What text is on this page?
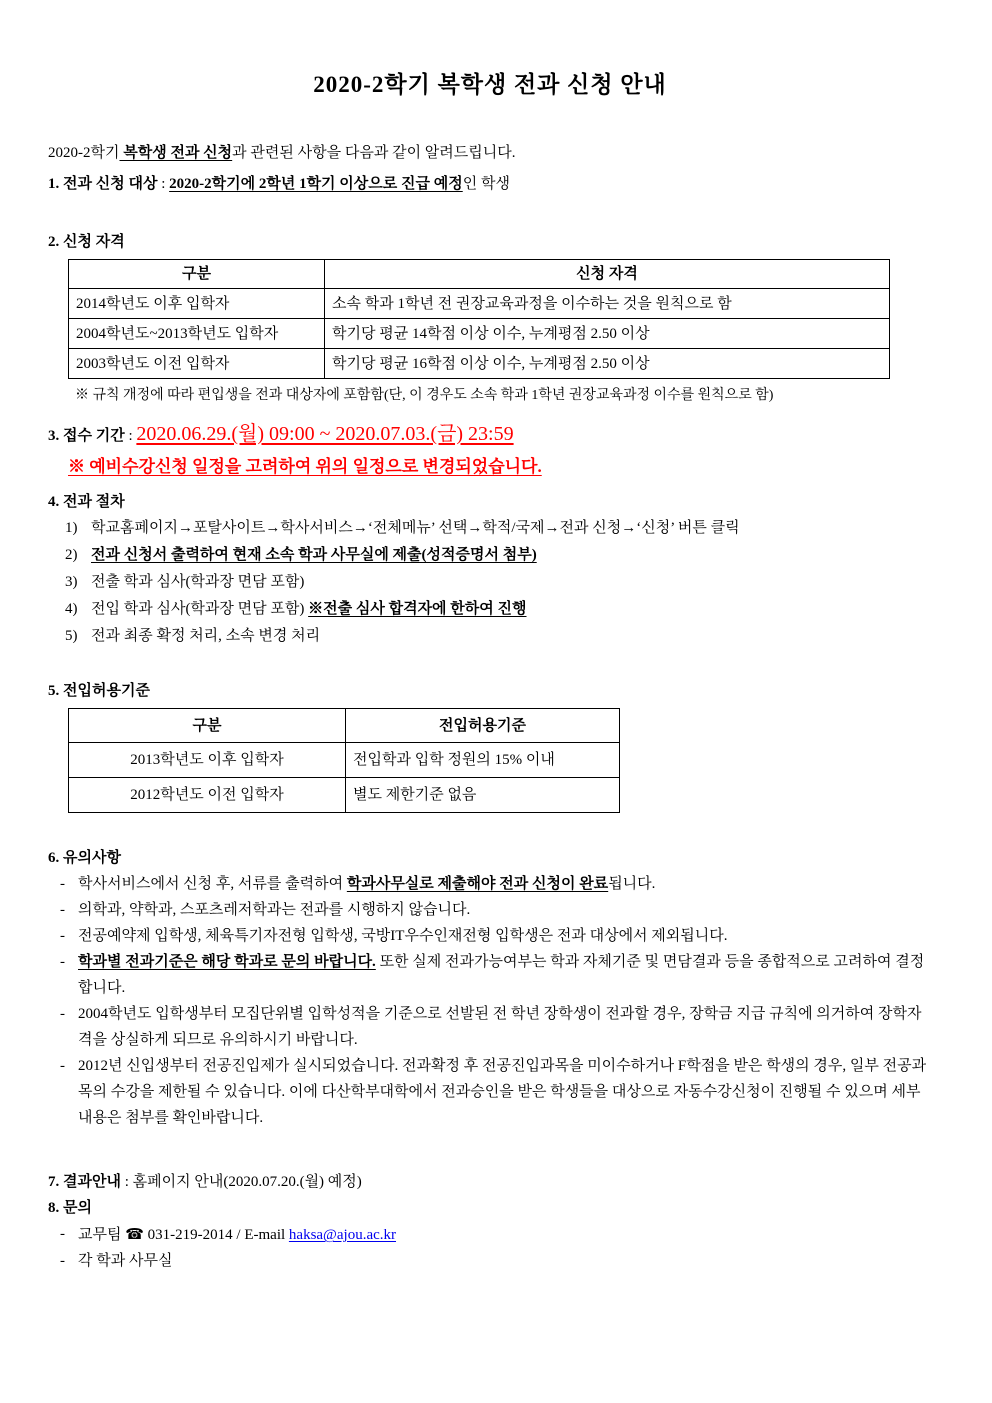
2020-2학기 복학생 전과 신청 안내
2020-2학기 복학생 전과 신청과 관련된 사항을 다음과 같이 알려드립니다.
1. 전과 신청 대상 : 2020-2학기에 2학년 1학기 이상으로 진급 예정인 학생
2. 신청 자격
구분	신청 자격
2014학년도 이후 입학자	소속 학과 1학년 전 권장교육과정을 이수하는 것을 원칙으로 함
2004학년도~2013학년도 입학자	학기당 평균 14학점 이상 이수, 누계평점 2.50 이상
2003학년도 이전 입학자	학기당 평균 16학점 이상 이수, 누계평점 2.50 이상
※ 규칙 개정에 따라 편입생을 전과 대상자에 포함함(단, 이 경우도 소속 학과 1학년 권장교육과정 이수를 원칙으로 함)
3. 접수 기간 : 2020.06.29.(월) 09:00 ~ 2020.07.03.(금) 23:59
※ 예비수강신청 일정을 고려하여 위의 일정으로 변경되었습니다.
4. 전과 절차
1) 학교홈페이지→포탈사이트→학사서비스→‘전체메뉴’ 선택→학적/국제→전과 신청→‘신청’ 버튼 클릭
2) 전과 신청서 출력하여 현재 소속 학과 사무실에 제출(성적증명서 첨부)
3) 전출 학과 심사(학과장 면담 포함)
4) 전입 학과 심사(학과장 면담 포함) ※전출 심사 합격자에 한하여 진행
5) 전과 최종 확정 처리, 소속 변경 처리
5. 전입허용기준
구분	전입허용기준
2013학년도 이후 입학자	전입학과 입학 정원의 15% 이내
2012학년도 이전 입학자	별도 제한기준 없음
6. 유의사항
- 학사서비스에서 신청 후, 서류를 출력하여 학과사무실로 제출해야 전과 신청이 완료됩니다.
- 의학과, 약학과, 스포츠레저학과는 전과를 시행하지 않습니다.
- 전공예약제 입학생, 체육특기자전형 입학생, 국방IT우수인재전형 입학생은 전과 대상에서 제외됩니다.
- 학과별 전과기준은 해당 학과로 문의 바랍니다. 또한 실제 전과가능여부는 학과 자체기준 및 면담결과 등을 종합적으로 고려하여 결정합니다.
- 2004학년도 입학생부터 모집단위별 입학성적을 기준으로 선발된 전 학년 장학생이 전과할 경우, 장학금 지급 규칙에 의거하여 장학자격을 상실하게 되므로 유의하시기 바랍니다.
- 2012년 신입생부터 전공진입제가 실시되었습니다. 전과확정 후 전공진입과목을 미이수하거나 F학점을 받은 학생의 경우, 일부 전공과목의 수강을 제한될 수 있습니다. 이에 다산학부대학에서 전과승인을 받은 학생들을 대상으로 자동수강신청이 진행될 수 있으며 세부내용은 첨부를 확인바랍니다.
7. 결과안내 : 홈페이지 안내(2020.07.20.(월) 예정)
8. 문의
- 교무팀 ☎ 031-219-2014 / E-mail haksa@ajou.ac.kr
- 각 학과 사무실
